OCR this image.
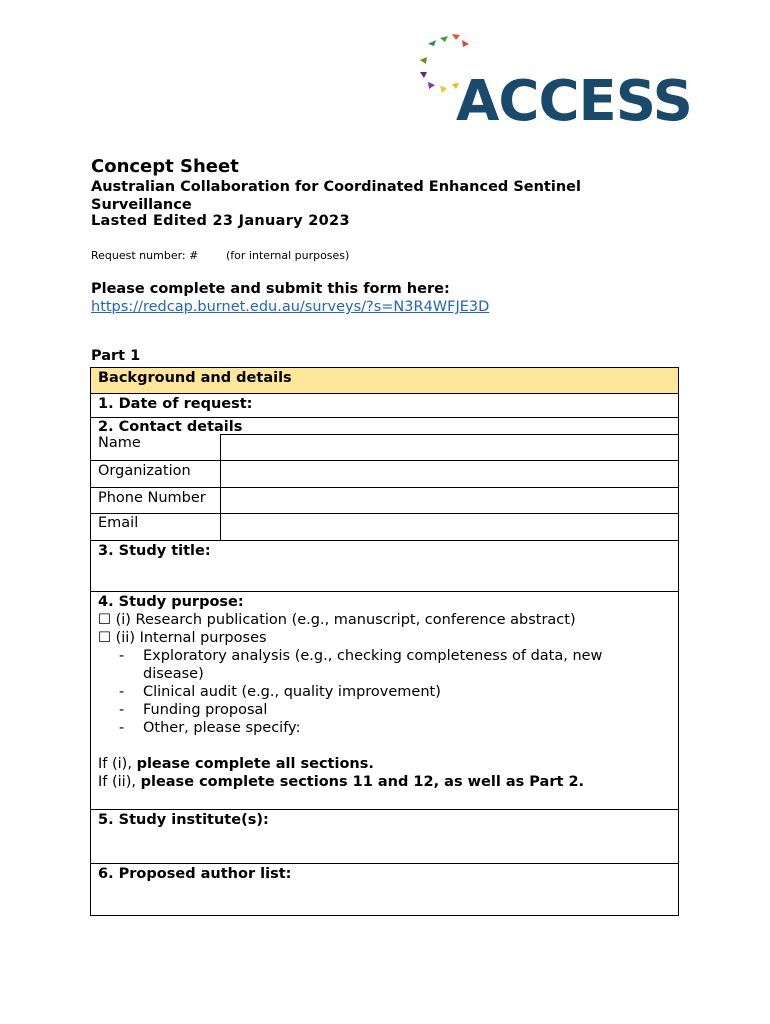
ACCESS
Concept Sheet
Australian Collaboration for Coordinated Enhanced Sentinel Surveillance
Lasted Edited 23 January 2023
Request number: #	(for internal purposes)
Please complete and submit this form here:
https://redcap.burnet.edu.au/surveys/?s=N3R4WFJE3D
Part 1
Background and details
1. Date of request:
2. Contact details
Name
Organization
Phone Number
Email
3. Study title:
4. Study purpose:
☐ (i) Research publication (e.g., manuscript, conference abstract)
☐ (ii) Internal purposes
- Exploratory analysis (e.g., checking completeness of data, new
disease)
- Clinical audit (e.g., quality improvement)
- Funding proposal
- Other, please specify:
If (i), please complete all sections.
If (ii), please complete sections 11 and 12, as well as Part 2.
5. Study institute(s):
6. Proposed author list:
